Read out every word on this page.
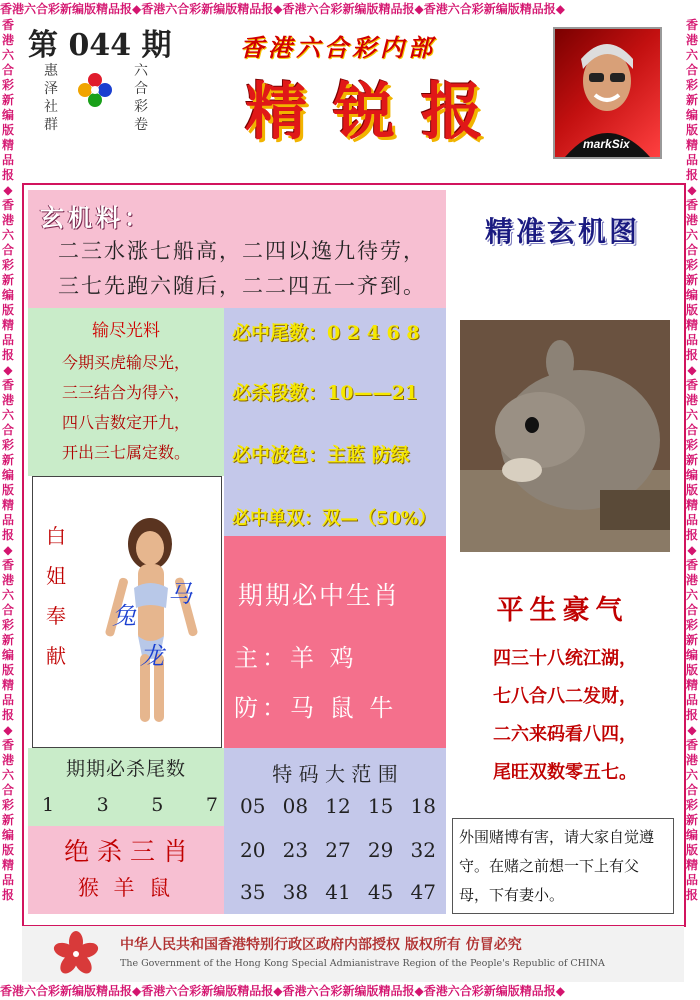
香港六合彩新编版精品报◆香港六合彩新编版精品报◆香港六合彩新编版精品报◆香港六合彩新编版精品报◆
香港六合彩新编版精品报◆香港六合彩新编版精品报◆香港六合彩新编版精品报◆香港六合彩新编版精品报◆
香港六合彩新编版精品报◆香港六合彩新编版精品报◆香港六合彩新编版精品报◆香港六合彩新编版精品报◆香港六合彩新编版精品报
香港六合彩新编版精品报◆香港六合彩新编版精品报◆香港六合彩新编版精品报◆香港六合彩新编版精品报◆香港六合彩新编版精品报
第 044 期
惠泽
社群
六合
彩卷
香港六合彩内部
精锐报	markSix
玄机料：
二三水涨七船高，二四以逸九待劳，
三七先跑六随后，二二四五一齐到。
输尽光料
今期买虎输尽光，
三三结合为得六，
四八吉数定开九，
开出三七属定数。
必中尾数：0 2 4 6 8
必杀段数：10——21
必中波色：主蓝 防绿
必中单双：双—（50%）
白
姐
奉
献
兔
马
龙
期期必中生肖
主：羊 鸡
防：马 鼠 牛
期期必杀尾数
1 3 5 7
绝 杀 三 肖
猴 羊 鼠
特 码 大 范 围
05 08 12 15 18
20 23 27 29 32
35 38 41 45 47
精准玄机图
平生豪气
四三十八统江湖，
七八合八二发财，
二六来码看八四，
尾旺双数零五七。
外围赌博有害，请大家自觉遵守。在赌之前想一下上有父母，下有妻小。
中华人民共和国香港特别行政区政府内部授权 版权所有 仿冒必究
The Government of the Hong Kong Special Admianistrave Region of the People's Republic of CHINA
